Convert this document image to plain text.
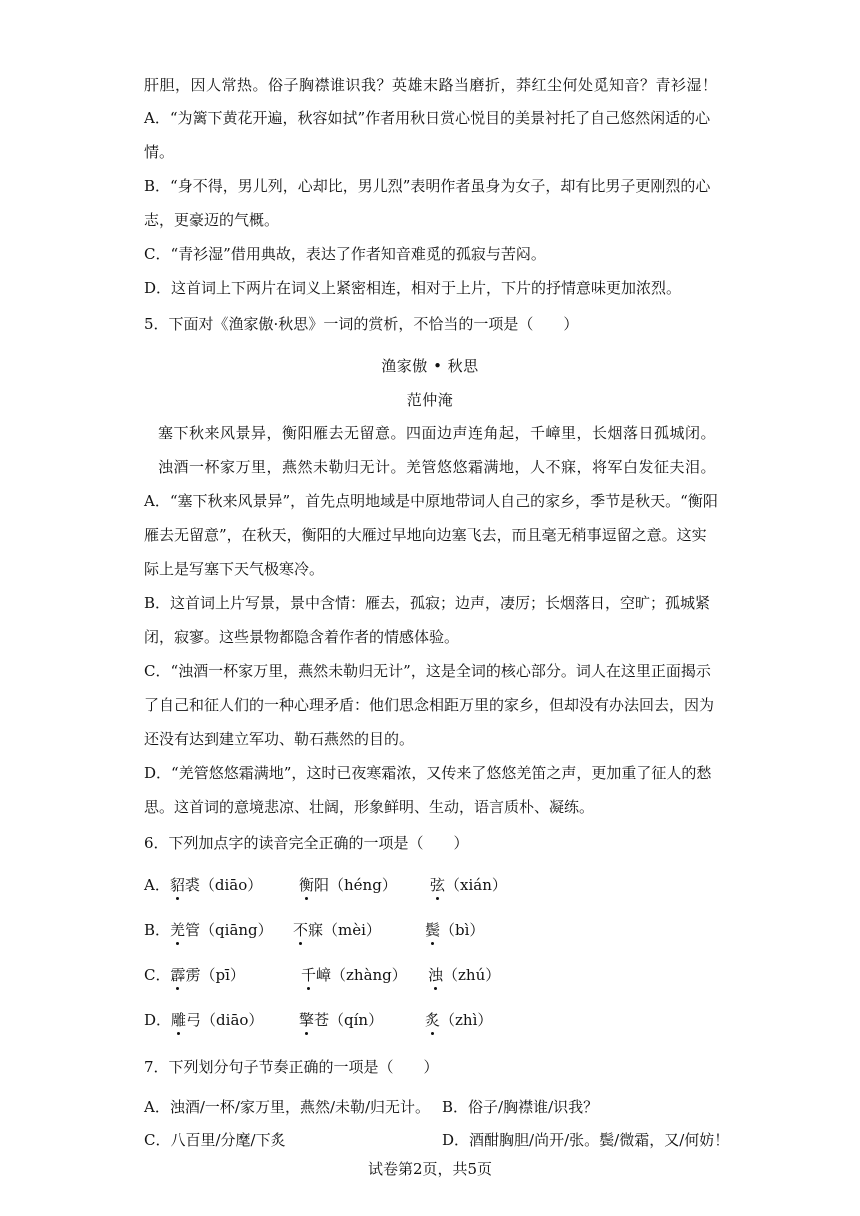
肝胆，因人常热。俗子胸襟谁识我？英雄末路当磨折，莽红尘何处觅知音？青衫湿！
A．“为篱下黄花开遍，秋容如拭”作者用秋日赏心悦目的美景衬托了自己悠然闲适的心
情。
B．“身不得，男儿列，心却比，男儿烈”表明作者虽身为女子，却有比男子更刚烈的心
志，更豪迈的气概。
C．“青衫湿”借用典故，表达了作者知音难觅的孤寂与苦闷。
D．这首词上下两片在词义上紧密相连，相对于上片，下片的抒情意味更加浓烈。
5．下面对《渔家傲·秋思》一词的赏析，不恰当的一项是（　　）
渔家傲 • 秋思
范仲淹
塞下秋来风景异，衡阳雁去无留意。四面边声连角起，千嶂里，长烟落日孤城闭。
浊酒一杯家万里，燕然未勒归无计。羌管悠悠霜满地，人不寐，将军白发征夫泪。
A．“塞下秋来风景异”，首先点明地域是中原地带词人自己的家乡，季节是秋天。“衡阳
雁去无留意”，在秋天，衡阳的大雁过早地向边塞飞去，而且毫无稍事逗留之意。这实
际上是写塞下天气极寒冷。
B．这首词上片写景，景中含情：雁去，孤寂；边声，凄厉；长烟落日，空旷；孤城紧
闭，寂寥。这些景物都隐含着作者的情感体验。
C．“浊酒一杯家万里，燕然未勒归无计”，这是全词的核心部分。词人在这里正面揭示
了自己和征人们的一种心理矛盾：他们思念相距万里的家乡，但却没有办法回去，因为
还没有达到建立军功、勒石燕然的目的。
D．“羌管悠悠霜满地”，这时已夜寒霜浓，又传来了悠悠羌笛之声，更加重了征人的愁
思。这首词的意境悲凉、壮阔，形象鲜明、生动，语言质朴、凝练。
6．下列加点字的读音完全正确的一项是（　　）
A．貂裘（diāo） 衡阳（héng） 弦（xián）
B．羌管（qiāng） 不寐（mèi）	鬓（bì）
C．霹雳（pī）	千嶂（zhàng） 浊（zhú）
D．雕弓（diāo） 擎苍（qín）	炙（zhì）
7．下列划分句子节奏正确的一项是（　　）
A．浊酒/一杯/家万里，燕然/未勒/归无计。 B．俗子/胸襟谁/识我？
C．八百里/分麾/下炙	D．酒酣胸胆/尚开/张。鬓/微霜，又/何妨！
试卷第2页，共5页
